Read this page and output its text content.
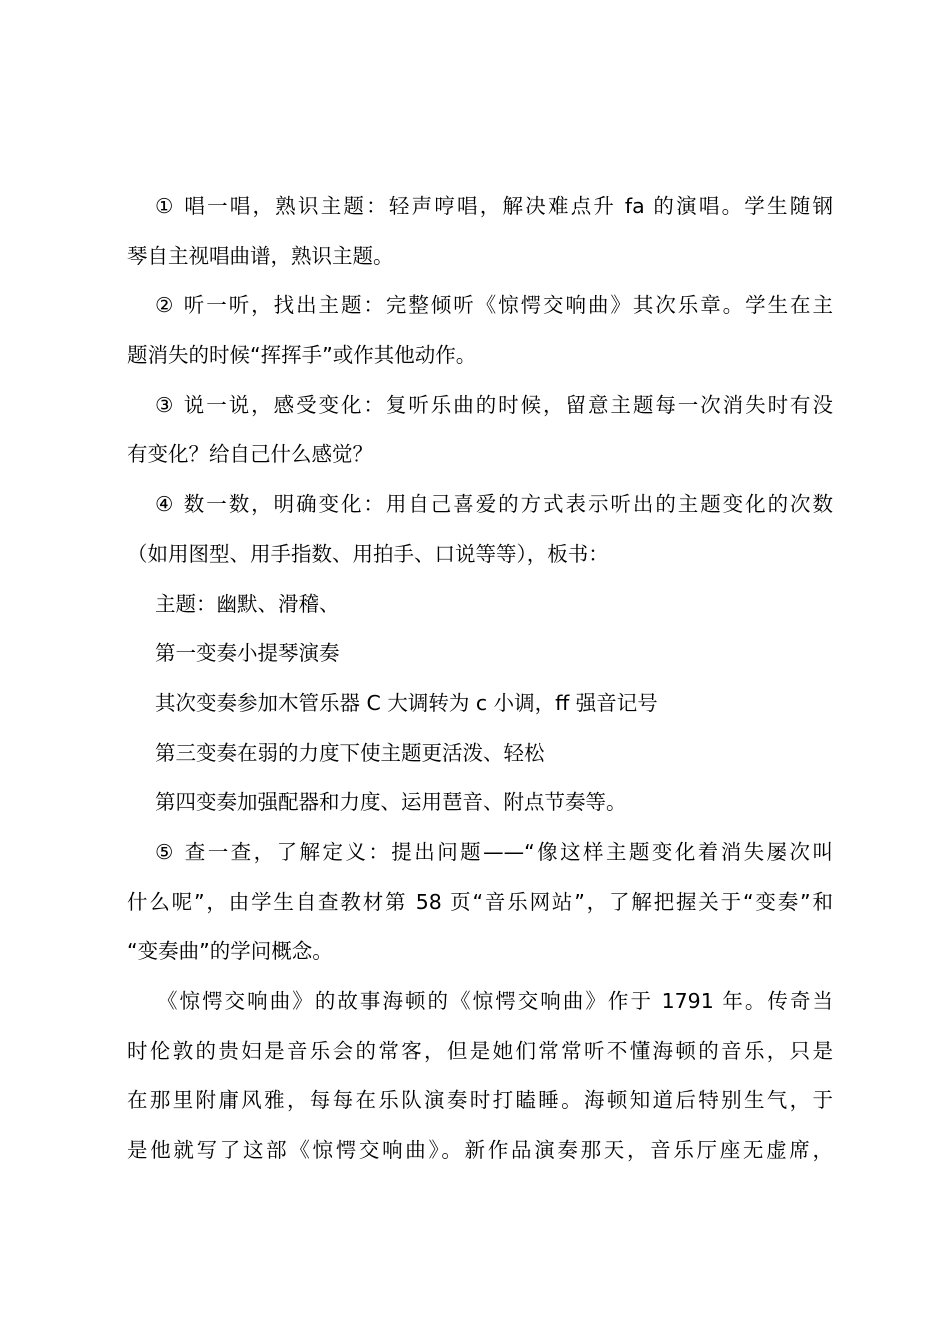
① 唱一唱，熟识主题：轻声哼唱，解决难点升 fa 的演唱。学生随钢
琴自主视唱曲谱，熟识主题。
② 听一听，找出主题：完整倾听《惊愕交响曲》其次乐章。学生在主
题消失的时候“挥挥手”或作其他动作。
③ 说一说，感受变化：复听乐曲的时候，留意主题每一次消失时有没
有变化？给自己什么感觉？
④ 数一数，明确变化：用自己喜爱的方式表示听出的主题变化的次数
（如用图型、用手指数、用拍手、口说等等），板书：
主题：幽默、滑稽、
第一变奏小提琴演奏
其次变奏参加木管乐器 C 大调转为 c 小调，ff 强音记号
第三变奏在弱的力度下使主题更活泼、轻松
第四变奏加强配器和力度、运用琶音、附点节奏等。
⑤ 查一查，了解定义：提出问题——“像这样主题变化着消失屡次叫
什么呢”，由学生自查教材第 58 页“音乐网站”，了解把握关于“变奏”和
“变奏曲”的学问概念。
《惊愕交响曲》的故事海顿的《惊愕交响曲》作于 1791 年。传奇当
时伦敦的贵妇是音乐会的常客，但是她们常常听不懂海顿的音乐，只是
在那里附庸风雅，每每在乐队演奏时打瞌睡。海顿知道后特别生气，于
是他就写了这部《惊愕交响曲》。新作品演奏那天，音乐厅座无虚席，
